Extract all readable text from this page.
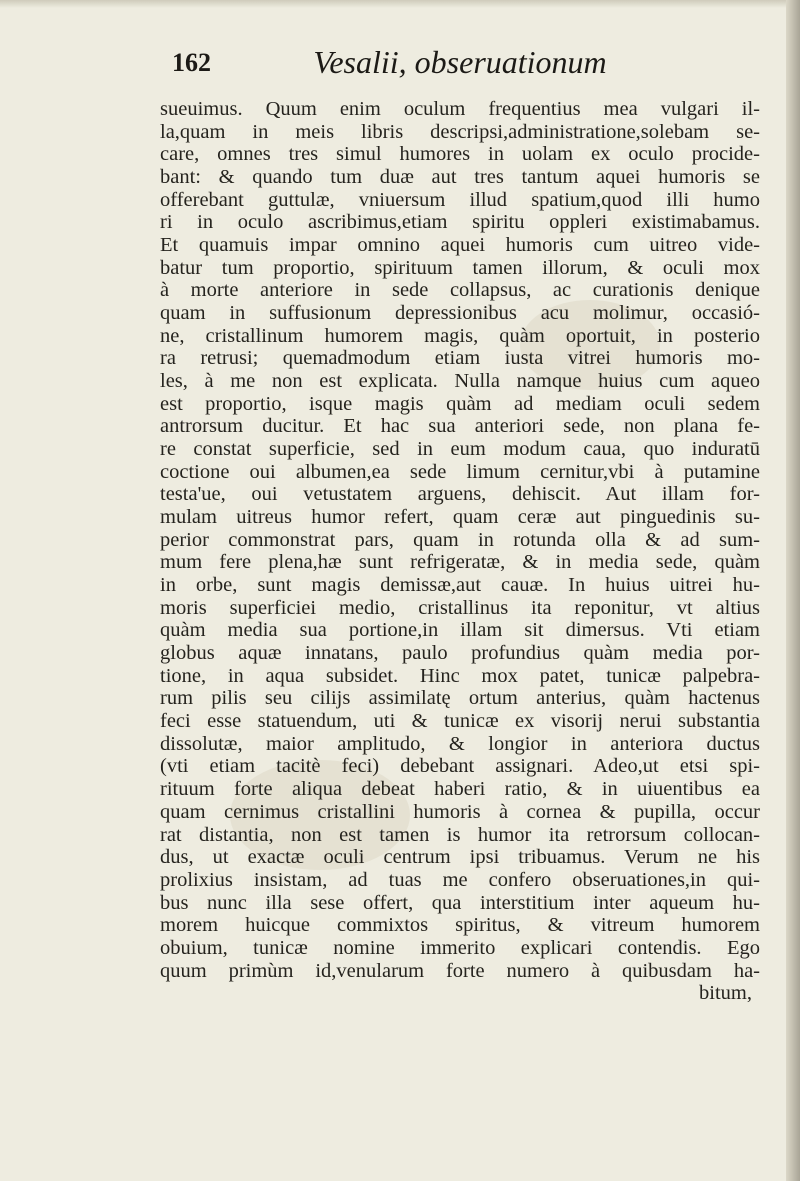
162	Vesalii, obseruationum
sueuimus. Quum enim oculum frequentius mea vulgari il-
la,quam in meis libris descripsi,administratione,solebam se-
care, omnes tres simul humores in uolam ex oculo procide-
bant: & quando tum duæ aut tres tantum aquei humoris se
offerebant guttulæ, vniuersum illud spatium,quod illi humo
ri in oculo ascribimus,etiam spiritu oppleri existimabamus.
Et quamuis impar omnino aquei humoris cum uitreo vide-
batur tum proportio, spirituum tamen illorum, & oculi mox
à morte anteriore in sede collapsus, ac curationis denique
quam in suffusionum depressionibus acu molimur, occasió-
ne, cristallinum humorem magis, quàm oportuit, in posterio
ra retrusi; quemadmodum etiam iusta vitrei humoris mo-
les, à me non est explicata. Nulla namque huius cum aqueo
est proportio, isque magis quàm ad mediam oculi sedem
antrorsum ducitur. Et hac sua anteriori sede, non plana fe-
re constat superficie, sed in eum modum caua, quo induratū
coctione oui albumen,ea sede limum cernitur,vbi à putamine
testa'ue, oui vetustatem arguens, dehiscit. Aut illam for-
mulam uitreus humor refert, quam ceræ aut pinguedinis su-
perior commonstrat pars, quam in rotunda olla & ad sum-
mum fere plena,hæ sunt refrigeratæ, & in media sede, quàm
in orbe, sunt magis demissæ,aut cauæ. In huius uitrei hu-
moris superficiei medio, cristallinus ita reponitur, vt altius
quàm media sua portione,in illam sit dimersus. Vti etiam
globus aquæ innatans, paulo profundius quàm media por-
tione, in aqua subsidet. Hinc mox patet, tunicæ palpebra-
rum pilis seu cilijs assimilatę ortum anterius, quàm hactenus
feci esse statuendum, uti & tunicæ ex visorij nerui substantia
dissolutæ, maior amplitudo, & longior in anteriora ductus
(vti etiam tacitè feci) debebant assignari. Adeo,ut etsi spi-
rituum forte aliqua debeat haberi ratio, & in uiuentibus ea
quam cernimus cristallini humoris à cornea & pupilla, occur
rat distantia, non est tamen is humor ita retrorsum collocan-
dus, ut exactæ oculi centrum ipsi tribuamus. Verum ne his
prolixius insistam, ad tuas me confero obseruationes,in qui-
bus nunc illa sese offert, qua interstitium inter aqueum hu-
morem huicque commixtos spiritus, & vitreum humorem
obuium, tunicæ nomine immerito explicari contendis. Ego
quum primùm id,venularum forte numero à quibusdam ha-
bitum,
